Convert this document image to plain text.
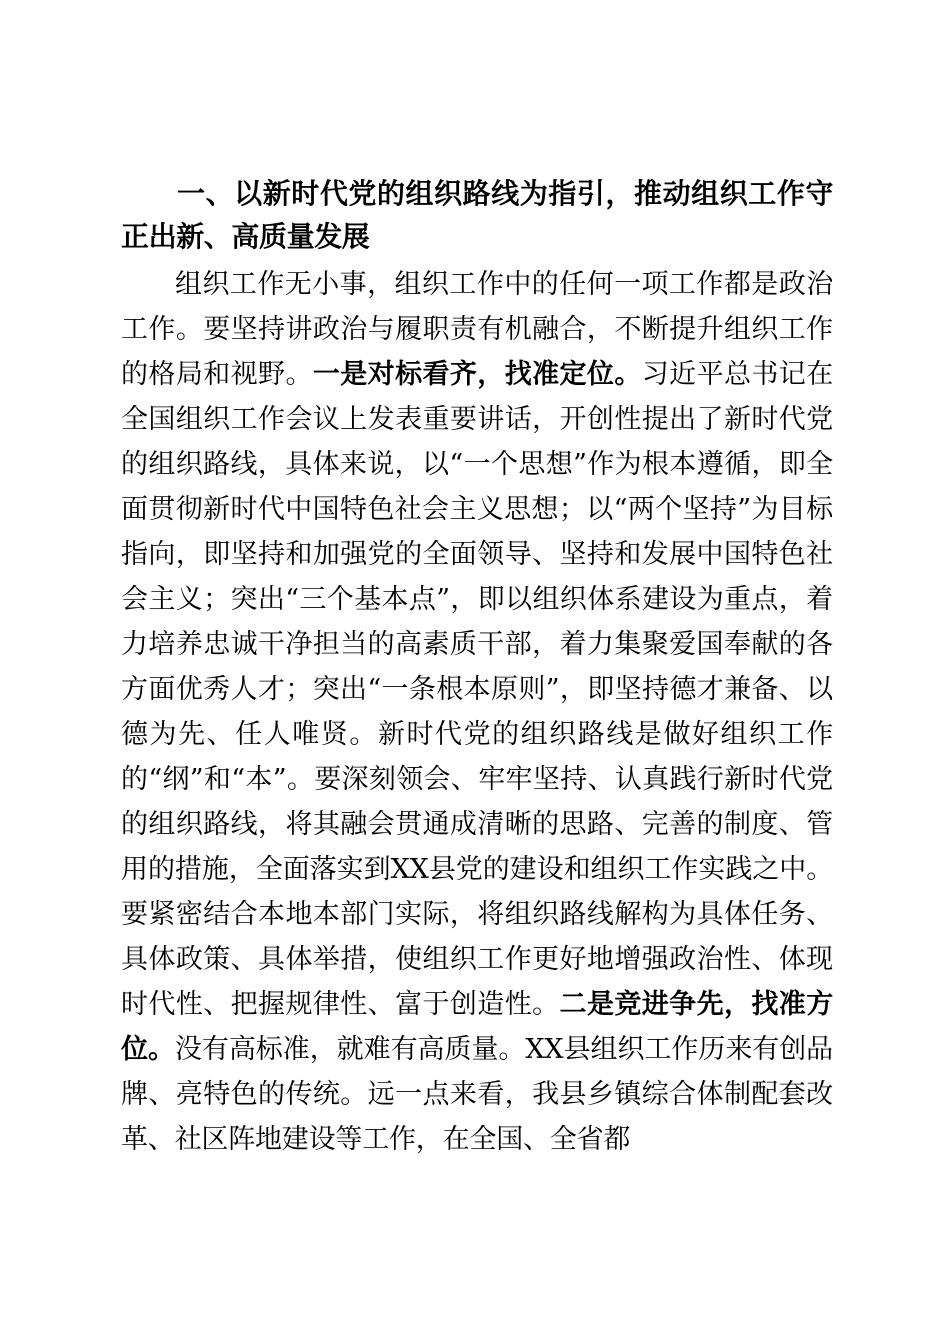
一、以新时代党的组织路线为指引，推动组织工作守正出新、高质量发展

组织工作无小事，组织工作中的任何一项工作都是政治工作。要坚持讲政治与履职责有机融合，不断提升组织工作的格局和视野。一是对标看齐，找准定位。习近平总书记在全国组织工作会议上发表重要讲话，开创性提出了新时代党的组织路线，具体来说，以“一个思想”作为根本遵循，即全面贯彻新时代中国特色社会主义思想；以“两个坚持”为目标指向，即坚持和加强党的全面领导、坚持和发展中国特色社会主义；突出“三个基本点”，即以组织体系建设为重点，着力培养忠诚干净担当的高素质干部，着力集聚爱国奉献的各方面优秀人才；突出“一条根本原则”，即坚持德才兼备、以德为先、任人唯贤。新时代党的组织路线是做好组织工作的“纲”和“本”。要深刻领会、牢牢坚持、认真践行新时代党的组织路线，将其融会贯通成清晰的思路、完善的制度、管用的措施，全面落实到XX县党的建设和组织工作实践之中。要紧密结合本地本部门实际，将组织路线解构为具体任务、具体政策、具体举措，使组织工作更好地增强政治性、体现时代性、把握规律性、富于创造性。二是竞进争先，找准方位。没有高标准，就难有高质量。XX县组织工作历来有创品牌、亮特色的传统。远一点来看，我县乡镇综合体制配套改革、社区阵地建设等工作，在全国、全省都
